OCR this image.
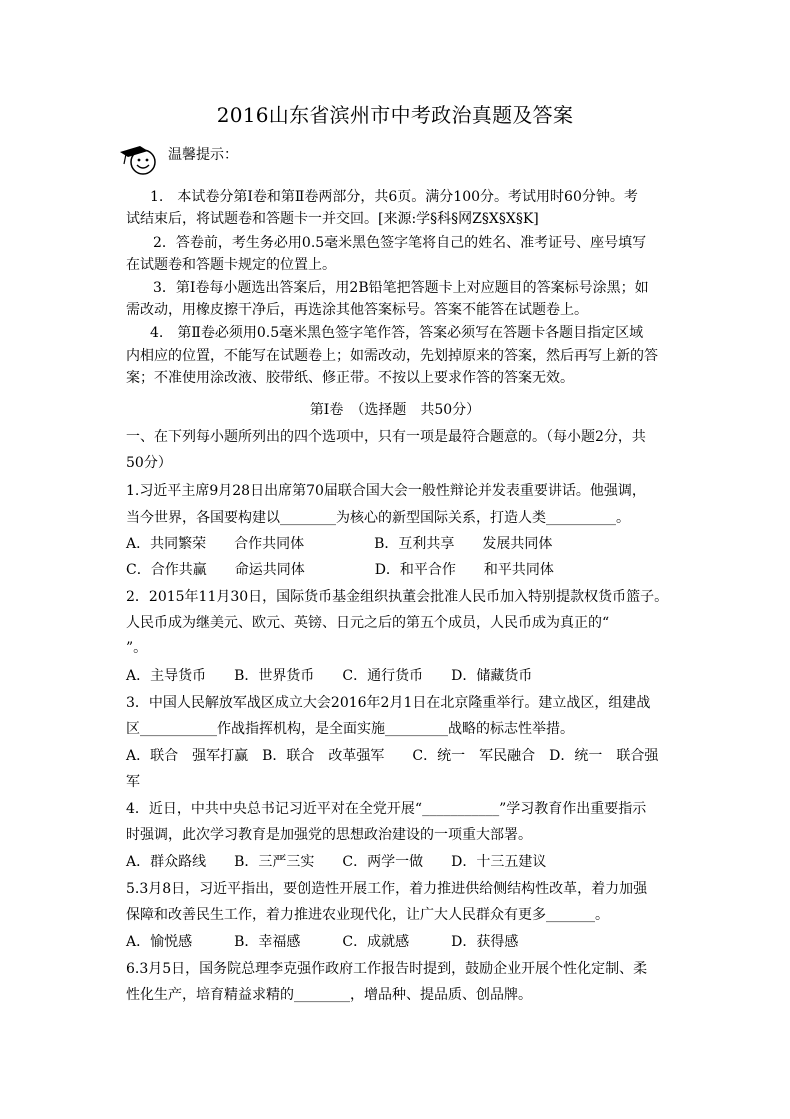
2016山东省滨州市中考政治真题及答案
温馨提示：
1.　本试卷分第Ⅰ卷和第Ⅱ卷两部分，共6页。满分100分。考试用时60分钟。考
试结束后，将试题卷和答题卡一并交回。[来源:学§科§网Z§X§X§K]
2．答卷前，考生务必用0.5毫米黑色签字笔将自己的姓名、准考证号、座号填写
在试题卷和答题卡规定的位置上。
3．第Ⅰ卷每小题选出答案后，用2B铅笔把答题卡上对应题目的答案标号涂黑；如
需改动，用橡皮擦干净后，再选涂其他答案标号。答案不能答在试题卷上。
4.　第Ⅱ卷必须用0.5毫米黑色签字笔作答，答案必须写在答题卡各题目指定区域
内相应的位置，不能写在试题卷上；如需改动，先划掉原来的答案，然后再写上新的答
案；不准使用涂改液、胶带纸、修正带。不按以上要求作答的答案无效。
第Ⅰ卷　（选择题　共50分）
一、在下列每小题所列出的四个选项中，只有一项是最符合题意的。（每小题2分，共
50分）
1.习近平主席9月28日出席第70届联合国大会一般性辩论并发表重要讲话。他强调，
当今世界，各国要构建以________为核心的新型国际关系，打造人类__________。
A．共同繁荣　　合作共同体　　　　　B．互利共享　　发展共同体
C．合作共赢　　命运共同体　　　　　D．和平合作　　和平共同体
2．2015年11月30日，国际货币基金组织执董会批准人民币加入特别提款权货币篮子。
人民币成为继美元、欧元、英镑、日元之后的第五个成员，人民币成为真正的“
”。
A．主导货币　　B．世界货币　　C．通行货币　　D．储藏货币
3．中国人民解放军战区成立大会2016年2月1日在北京隆重举行。建立战区，组建战
区___________作战指挥机构，是全面实施_________战略的标志性举措。
A．联合　强军打赢　B．联合　改革强军　　C．统一　军民融合　D．统一　联合强
军
4．近日，中共中央总书记习近平对在全党开展“___________”学习教育作出重要指示
时强调，此次学习教育是加强党的思想政治建设的一项重大部署。
A．群众路线　　B．三严三实　　C．两学一做　　D．十三五建议
5.3月8日，习近平指出，要创造性开展工作，着力推进供给侧结构性改革，着力加强
保障和改善民生工作，着力推进农业现代化，让广大人民群众有更多_______。
A．愉悦感　　　B．幸福感　　　C．成就感　　　D．获得感
6.3月5日，国务院总理李克强作政府工作报告时提到，鼓励企业开展个性化定制、柔
性化生产，培育精益求精的________，增品种、提品质、创品牌。
